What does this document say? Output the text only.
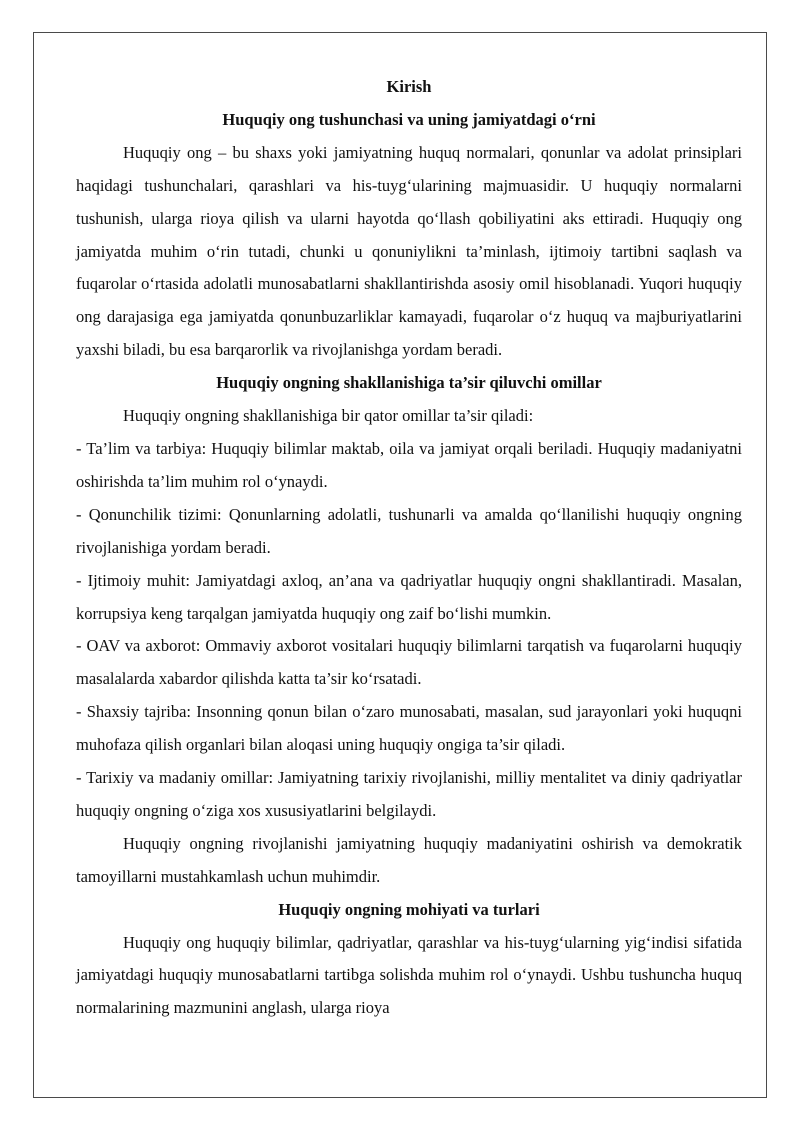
Kirish
Huquqiy ong tushunchasi va uning jamiyatdagi o‘rni

Huquqiy ong – bu shaxs yoki jamiyatning huquq normalari, qonunlar va adolat prinsiplari haqidagi tushunchalari, qarashlari va his-tuyg‘ularining majmuasidir. U huquqiy normalarni tushunish, ularga rioya qilish va ularni hayotda qo‘llash qobiliyatini aks ettiradi. Huquqiy ong jamiyatda muhim o‘rin tutadi, chunki u qonuniylikni ta’minlash, ijtimoiy tartibni saqlash va fuqarolar o‘rtasida adolatli munosabatlarni shakllantirishda asosiy omil hisoblanadi. Yuqori huquqiy ong darajasiga ega jamiyatda qonunbuzarliklar kamayadi, fuqarolar o‘z huquq va majburiyatlarini yaxshi biladi, bu esa barqarorlik va rivojlanishga yordam beradi.

Huquqiy ongning shakllanishiga ta’sir qiluvchi omillar

Huquqiy ongning shakllanishiga bir qator omillar ta’sir qiladi:

- Ta’lim va tarbiya: Huquqiy bilimlar maktab, oila va jamiyat orqali beriladi. Huquqiy madaniyatni oshirishda ta’lim muhim rol o‘ynaydi.

- Qonunchilik tizimi: Qonunlarning adolatli, tushunarli va amalda qo‘llanilishi huquqiy ongning rivojlanishiga yordam beradi.

- Ijtimoiy muhit: Jamiyatdagi axloq, an’ana va qadriyatlar huquqiy ongni shakllantiradi. Masalan, korrupsiya keng tarqalgan jamiyatda huquqiy ong zaif bo‘lishi mumkin.

- OAV va axborot: Ommaviy axborot vositalari huquqiy bilimlarni tarqatish va fuqarolarni huquqiy masalalarda xabardor qilishda katta ta’sir ko‘rsatadi.

- Shaxsiy tajriba: Insonning qonun bilan o‘zaro munosabati, masalan, sud jarayonlari yoki huquqni muhofaza qilish organlari bilan aloqasi uning huquqiy ongiga ta’sir qiladi.

- Tarixiy va madaniy omillar: Jamiyatning tarixiy rivojlanishi, milliy mentalitet va diniy qadriyatlar huquqiy ongning o‘ziga xos xususiyatlarini belgilaydi.

Huquqiy ongning rivojlanishi jamiyatning huquqiy madaniyatini oshirish va demokratik tamoyillarni mustahkamlash uchun muhimdir.

Huquqiy ongning mohiyati va turlari

Huquqiy ong huquqiy bilimlar, qadriyatlar, qarashlar va his-tuyg‘ularning yig‘indisi sifatida jamiyatdagi huquqiy munosabatlarni tartibga solishda muhim rol o‘ynaydi. Ushbu tushuncha huquq normalarining mazmunini anglash, ularga rioya
